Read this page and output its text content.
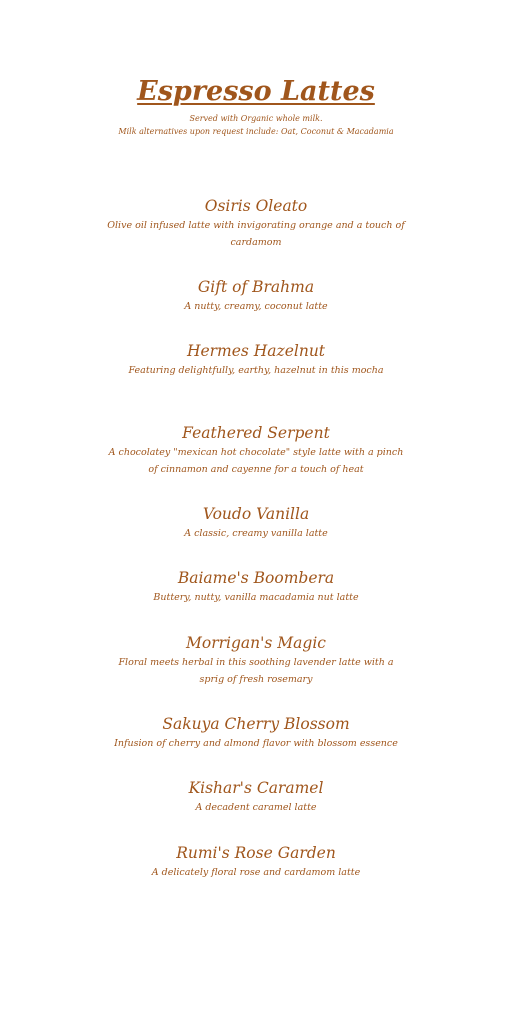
Espresso Lattes

Served with Organic whole milk.
Milk alternatives upon request include: Oat, Coconut & Macadamia

Osiris Oleato

Olive oil infused latte with invigorating orange and a touch of cardamom

Gift of Brahma

A nutty, creamy, coconut latte

Hermes Hazelnut

Featuring delightfully, earthy, hazelnut in this mocha

Feathered Serpent

A chocolatey "mexican hot chocolate" style latte with a pinch of cinnamon and cayenne for a touch of heat

Voudo Vanilla

A classic, creamy vanilla latte

Baiame's Boombera

Buttery, nutty, vanilla macadamia nut latte

Morrigan's Magic

Floral meets herbal in this soothing lavender latte with a sprig of fresh rosemary

Sakuya Cherry Blossom

Infusion of cherry and almond flavor with blossom essence

Kishar's Caramel

A decadent caramel latte

Rumi's Rose Garden

A delicately floral rose and cardamom latte
